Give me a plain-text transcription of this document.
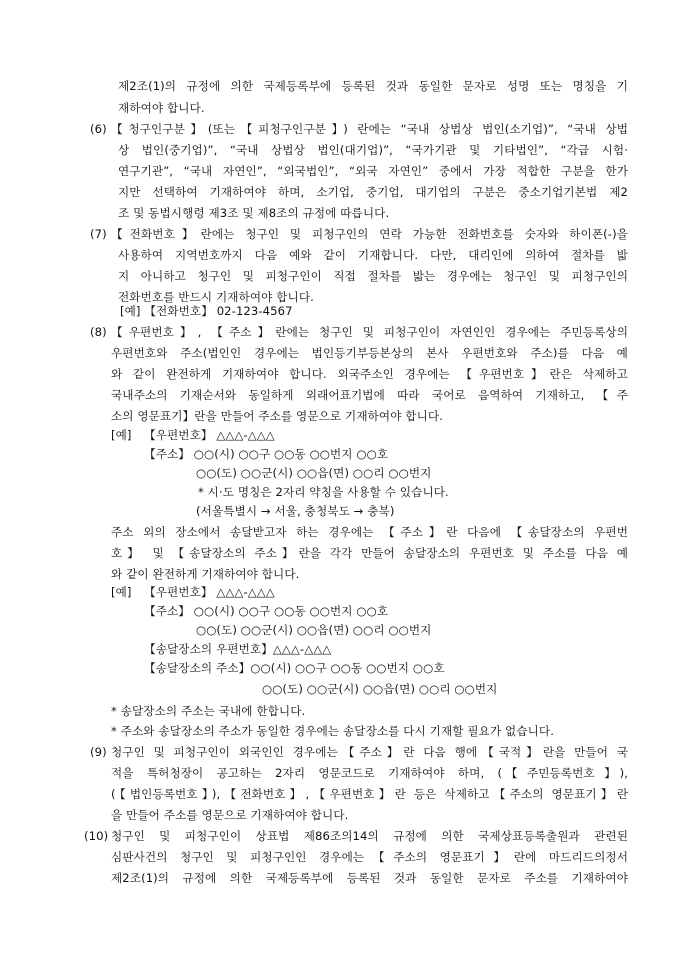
제2조(1)의 규정에 의한 국제등록부에 등록된 것과 동일한 문자로 성명 또는 명칭을 기
재하여야 합니다.
(6) 【청구인구분】(또는【피청구인구분】) 란에는 “국내 상법상 법인(소기업)”, “국내 상법
상 법인(중기업)”, “국내 상법상 법인(대기업)”, “국가기관 및 기타법인”, “각급 시험·
연구기관”, “국내 자연인”, “외국법인”, “외국 자연인” 중에서 가장 적합한 구분을 한가
지만 선택하여 기재하여야 하며, 소기업, 중기업, 대기업의 구분은 중소기업기본법 제2
조 및 동법시행령 제3조 및 제8조의 규정에 따릅니다.
(7) 【전화번호】란에는 청구인 및 피청구인의 연락 가능한 전화번호를 숫자와 하이폰(-)을
사용하여 지역번호까지 다음 예와 같이 기재합니다. 다만, 대리인에 의하여 절차를 밟
지 아니하고 청구인 및 피청구인이 직접 절차를 밟는 경우에는 청구인 및 피청구인의
전화번호를 반드시 기재하여야 합니다.
[예] 【전화번호】 02-123-4567
(8) 【우편번호】, 【주소】란에는 청구인 및 피청구인이 자연인인 경우에는 주민등록상의
우편번호와 주소(법인인 경우에는 법인등기부등본상의 본사 우편번호와 주소)를 다음 예
와 같이 완전하게 기재하여야 합니다. 외국주소인 경우에는 【우편번호】란은 삭제하고
국내주소의 기재순서와 동일하게 외래어표기법에 따라 국어로 음역하여 기재하고, 【주
소의 영문표기】란을 만들어 주소를 영문으로 기재하여야 합니다.
[예] 【우편번호】 △△△-△△△
【주소】 ○○(시) ○○구 ○○동 ○○번지 ○○호
○○(도) ○○군(시) ○○읍(면) ○○리 ○○번지
* 시·도 명칭은 2자리 약칭을 사용할 수 있습니다.
(서울특별시 → 서울, 충청북도 → 충북)
주소 외의 장소에서 송달받고자 하는 경우에는 【주소】란 다음에 【송달장소의 우편번
호】 및 【송달장소의 주소】란을 각각 만들어 송달장소의 우편번호 및 주소를 다음 예
와 같이 완전하게 기재하여야 합니다.
[예] 【우편번호】 △△△-△△△
【주소】 ○○(시) ○○구 ○○동 ○○번지 ○○호
○○(도) ○○군(시) ○○읍(면) ○○리 ○○번지
【송달장소의 우편번호】△△△-△△△
【송달장소의 주소】○○(시) ○○구 ○○동 ○○번지 ○○호
○○(도) ○○군(시) ○○읍(면) ○○리 ○○번지
* 송달장소의 주소는 국내에 한합니다.
* 주소와 송달장소의 주소가 동일한 경우에는 송달장소를 다시 기재할 필요가 없습니다.
(9) 청구인 및 피청구인이 외국인인 경우에는【주소】란 다음 행에【국적】란을 만들어 국
적을 특허청장이 공고하는 2자리 영문코드로 기재하여야 하며, (【주민등록번호】),
(【법인등록번호】),【전화번호】,【우편번호】란 등은 삭제하고【주소의 영문표기】란
을 만들어 주소를 영문으로 기재하여야 합니다.
(10) 청구인 및 피청구인이 상표법 제86조의14의 규정에 의한 국제상표등록출원과 관련된
심판사건의 청구인 및 피청구인인 경우에는【주소의 영문표기】란에 마드리드의정서
제2조(1)의 규정에 의한 국제등록부에 등록된 것과 동일한 문자로 주소를 기재하여야
